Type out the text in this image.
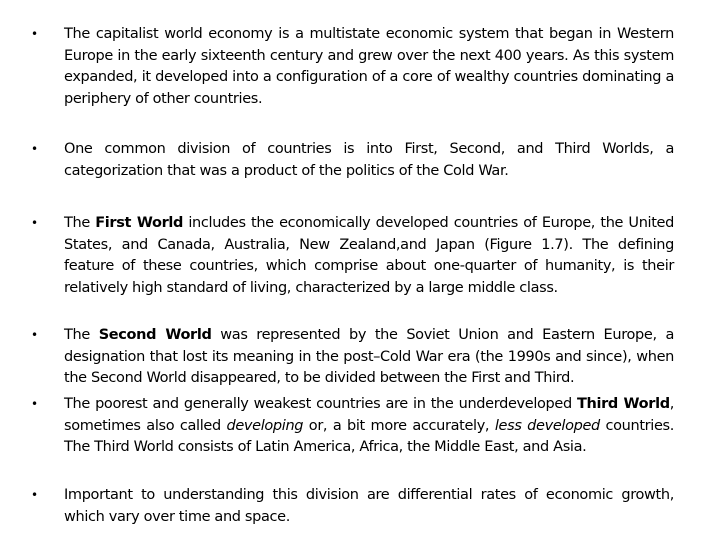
• The capitalist world economy is a multistate economic system that began in Western Europe in the early sixteenth century and grew over the next 400 years. As this system expanded, it developed into a configuration of a core of wealthy countries dominating a periphery of other countries.
• One common division of countries is into First, Second, and Third Worlds, a categorization that was a product of the politics of the Cold War.
• The First World includes the economically developed countries of Europe, the United States, and Canada, Australia, New Zealand,and Japan (Figure 1.7). The defining feature of these countries, which comprise about one-quarter of humanity, is their relatively high standard of living, characterized by a large middle class.
• The Second World was represented by the Soviet Union and Eastern Europe, a designation that lost its meaning in the post–Cold War era (the 1990s and since), when the Second World disappeared, to be divided between the First and Third.
• The poorest and generally weakest countries are in the underdeveloped Third World, sometimes also called developing or, a bit more accurately, less developed countries. The Third World consists of Latin America, Africa, the Middle East, and Asia.
• Important to understanding this division are differential rates of economic growth, which vary over time and space.
